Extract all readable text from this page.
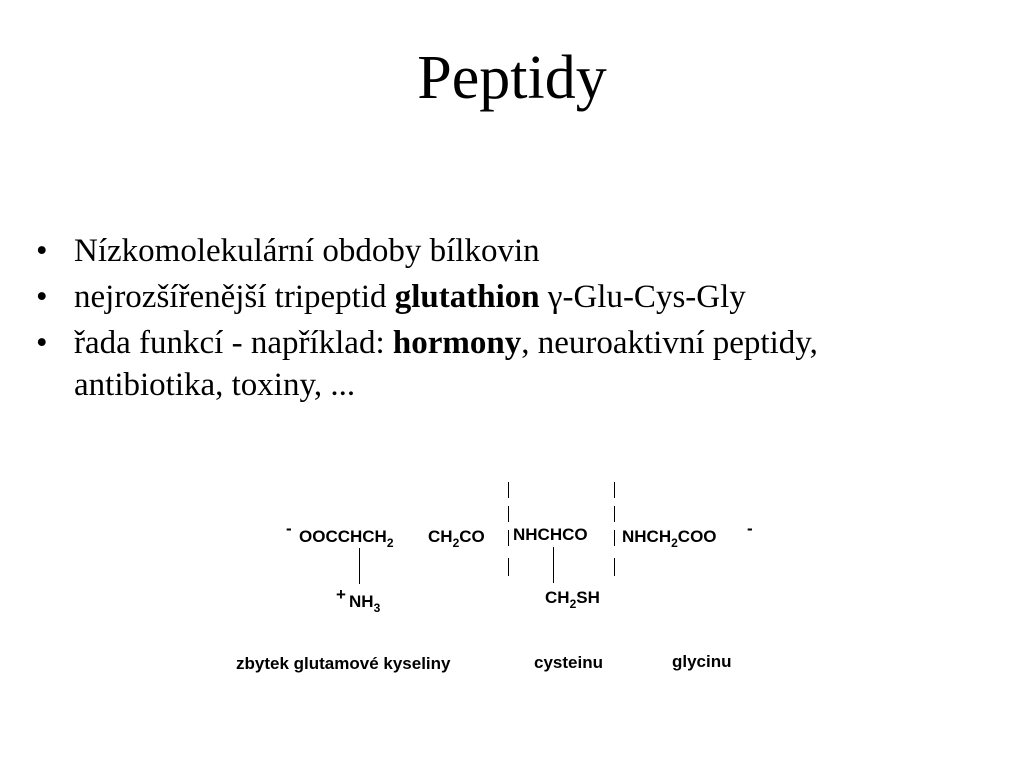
Peptidy
• Nízkomolekulární obdoby bílkovin
• nejrozšířenější tripeptid glutathion γ-Glu-Cys-Gly
• řada funkcí - například: hormony, neuroaktivní peptidy,
antibiotika, toxiny, ...
- $OOCCHCH_2$ $CH_2CO$ NHCHCO $NHCH_2COO$ -
+ $NH_3$
$CH_2SH$
zbytek glutamové kyseliny	cysteinu	glycinu
